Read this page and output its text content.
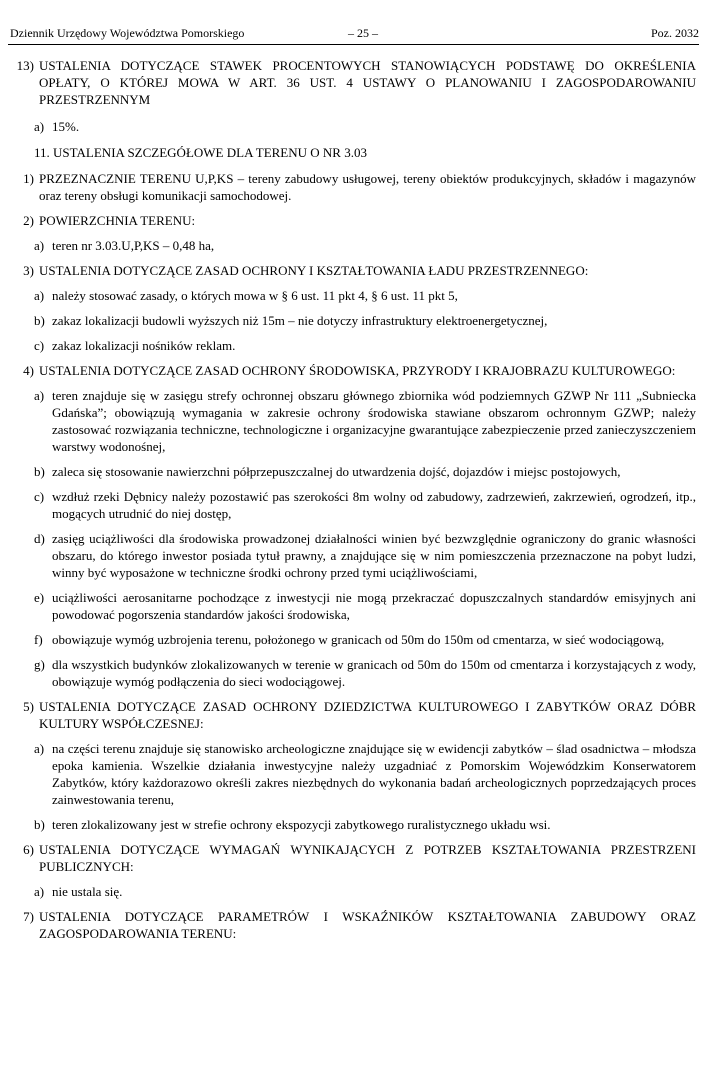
Dziennik Urzędowy Województwa Pomorskiego	– 25 –	Poz. 2032
13) USTALENIA DOTYCZĄCE STAWEK PROCENTOWYCH STANOWIĄCYCH PODSTAWĘ DO OKREŚLENIA OPŁATY, O KTÓREJ MOWA W ART. 36 UST. 4 USTAWY O PLANOWANIU I ZAGOSPODAROWANIU PRZESTRZENNYM
a) 15%.
11. USTALENIA SZCZEGÓŁOWE DLA TERENU O NR 3.03
1) PRZEZNACZNIE TERENU U,P,KS – tereny zabudowy usługowej, tereny obiektów produkcyjnych, składów i magazynów oraz tereny obsługi komunikacji samochodowej.
2) POWIERZCHNIA TERENU:
a) teren nr 3.03.U,P,KS – 0,48 ha,
3) USTALENIA DOTYCZĄCE ZASAD OCHRONY I KSZTAŁTOWANIA ŁADU PRZESTRZENNEGO:
a) należy stosować zasady, o których mowa w § 6 ust. 11 pkt 4, § 6 ust. 11 pkt 5,
b) zakaz lokalizacji budowli wyższych niż 15m – nie dotyczy infrastruktury elektroenergetycznej,
c) zakaz lokalizacji nośników reklam.
4) USTALENIA DOTYCZĄCE ZASAD OCHRONY ŚRODOWISKA, PRZYRODY I KRAJOBRAZU KULTUROWEGO:
a) teren znajduje się w zasięgu strefy ochronnej obszaru głównego zbiornika wód podziemnych GZWP Nr 111 „Subniecka Gdańska”; obowiązują wymagania w zakresie ochrony środowiska stawiane obszarom ochronnym GZWP; należy zastosować rozwiązania techniczne, technologiczne i organizacyjne gwarantujące zabezpieczenie przed zanieczyszczeniem warstwy wodonośnej,
b) zaleca się stosowanie nawierzchni półprzepuszczalnej do utwardzenia dojść, dojazdów i miejsc postojowych,
c) wzdłuż rzeki Dębnicy należy pozostawić pas szerokości 8m wolny od zabudowy, zadrzewień, zakrzewień, ogrodzeń, itp., mogących utrudnić do niej dostęp,
d) zasięg uciążliwości dla środowiska prowadzonej działalności winien być bezwzględnie ograniczony do granic własności obszaru, do którego inwestor posiada tytuł prawny, a znajdujące się w nim pomieszczenia przeznaczone na pobyt ludzi, winny być wyposażone w techniczne środki ochrony przed tymi uciążliwościami,
e) uciążliwości aerosanitarne pochodzące z inwestycji nie mogą przekraczać dopuszczalnych standardów emisyjnych ani powodować pogorszenia standardów jakości środowiska,
f) obowiązuje wymóg uzbrojenia terenu, położonego w granicach od 50m do 150m od cmentarza, w sieć wodociągową,
g) dla wszystkich budynków zlokalizowanych w terenie w granicach od 50m do 150m od cmentarza i korzystających z wody, obowiązuje wymóg podłączenia do sieci wodociągowej.
5) USTALENIA DOTYCZĄCE ZASAD OCHRONY DZIEDZICTWA KULTUROWEGO I ZABYTKÓW ORAZ DÓBR KULTURY WSPÓŁCZESNEJ:
a) na części terenu znajduje się stanowisko archeologiczne znajdujące się w ewidencji zabytków – ślad osadnictwa – młodsza epoka kamienia. Wszelkie działania inwestycyjne należy uzgadniać z Pomorskim Wojewódzkim Konserwatorem Zabytków, który każdorazowo określi zakres niezbędnych do wykonania badań archeologicznych poprzedzających proces zainwestowania terenu,
b) teren zlokalizowany jest w strefie ochrony ekspozycji zabytkowego ruralistycznego układu wsi.
6) USTALENIA DOTYCZĄCE WYMAGAŃ WYNIKAJĄCYCH Z POTRZEB KSZTAŁTOWANIA PRZESTRZENI PUBLICZNYCH:
a) nie ustala się.
7) USTALENIA DOTYCZĄCE PARAMETRÓW I WSKAŹNIKÓW KSZTAŁTOWANIA ZABUDOWY ORAZ ZAGOSPODAROWANIA TERENU:
